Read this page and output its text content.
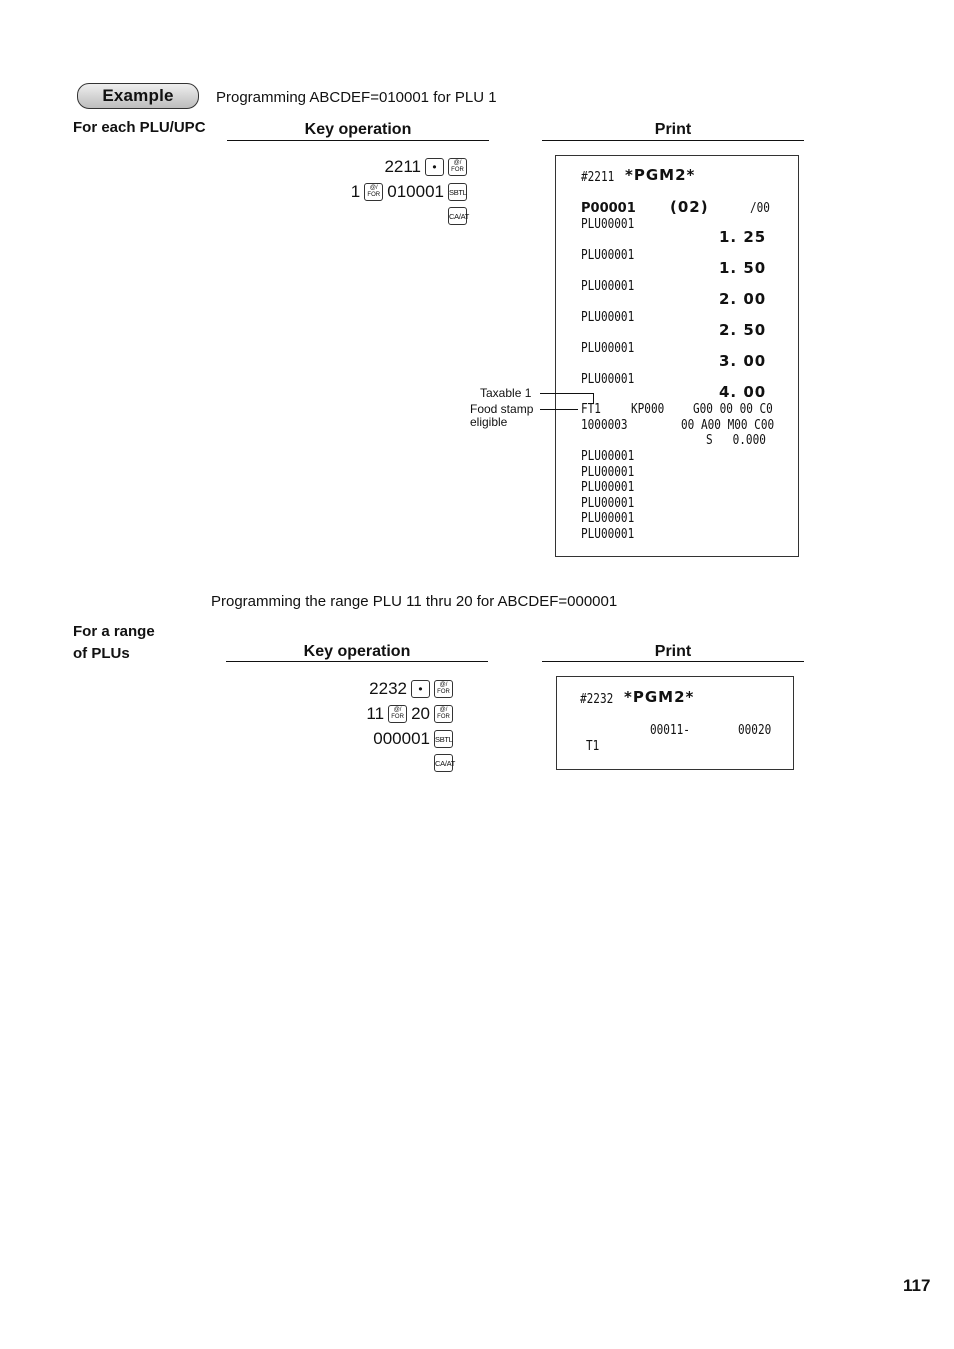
Example	Programming ABCDEF=010001 for PLU 1
For each PLU/UPC	Key operation	Print
2211 •	@/
FOR
1	@/
FOR 010001 SBTL
CA/AT
#2211 *PGM2*
P00001 (02)	/00
PLU00001
1. 25
PLU00001
1. 50
PLU00001
2. 00
PLU00001
2. 50
PLU00001
3. 00
PLU00001
4. 00
FT1 KP000 G00 00 00 C0
1000003	00 A00 M00 C00
S   0.000
PLU00001
PLU00001
PLU00001
PLU00001
PLU00001
PLU00001
Taxable 1
Food stamp
eligible
Programming the range PLU 11 thru 20 for ABCDEF=000001
For a range
of PLUs	Key operation	Print
2232 •	@/
FOR
11	@/
FOR 20	@/
FOR
000001 SBTL
CA/AT
#2232 *PGM2*
00011-	00020
T1
117
